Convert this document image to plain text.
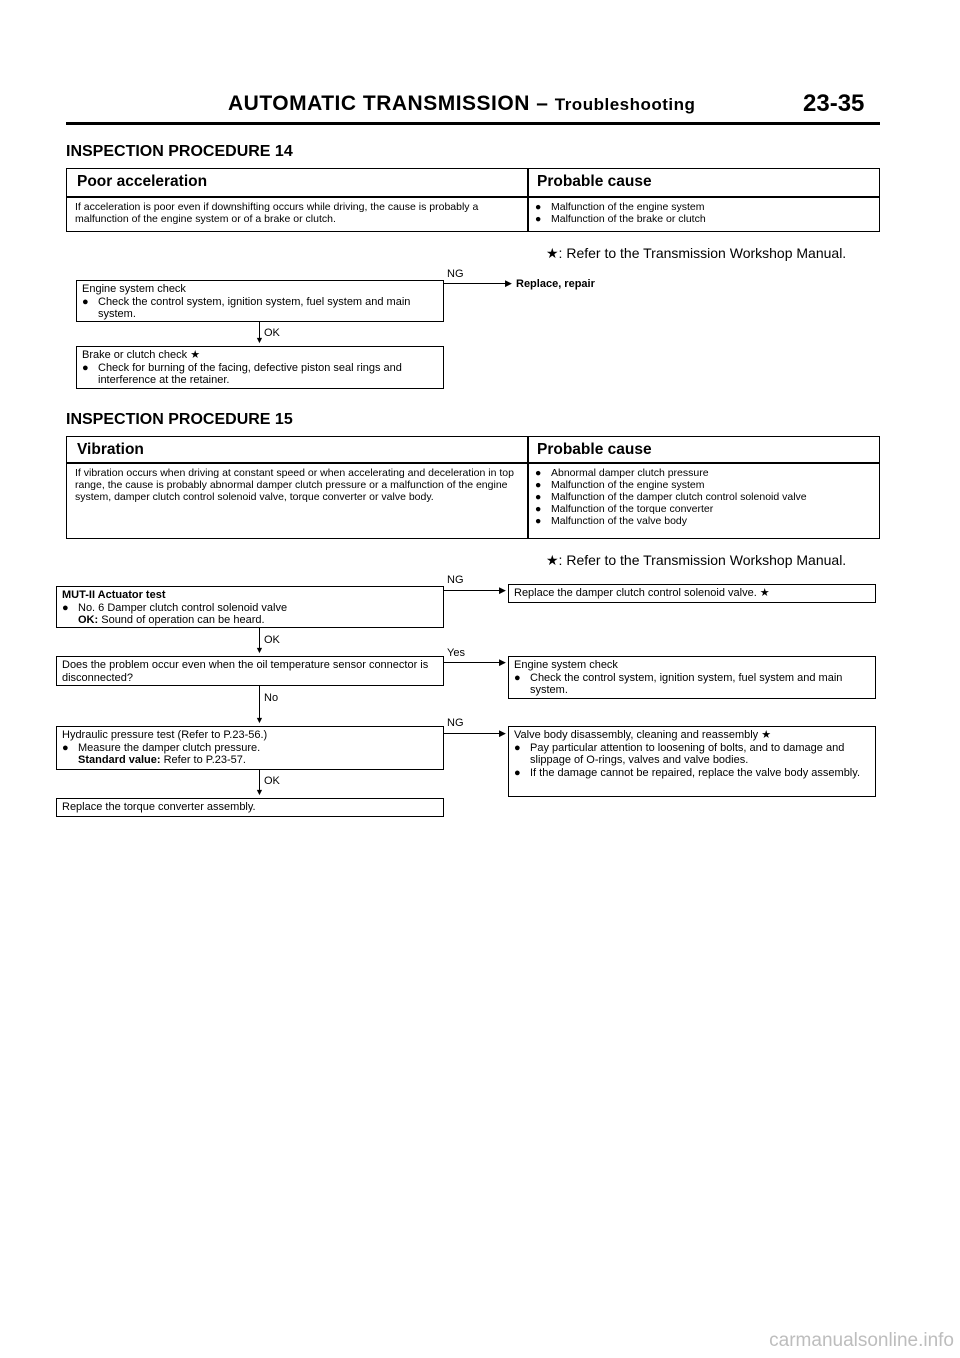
AUTOMATIC TRANSMISSION – Troubleshooting	23-35
INSPECTION PROCEDURE 14
Poor acceleration	Probable cause
If acceleration is poor even if downshifting occurs while driving, the cause is probably a malfunction of the engine system or of a brake or clutch.

● Malfunction of the engine system

● Malfunction of the brake or clutch

★: Refer to the Transmission Workshop Manual.

Engine system check

● Check the control system, ignition system, fuel system and main system.

NG
▶ Replace, repair
▼
OK

Brake or clutch check ★

● Check for burning of the facing, defective piston seal rings and interference at the retainer.

INSPECTION PROCEDURE 15
Vibration	Probable cause
If vibration occurs when driving at constant speed or when accelerating and deceleration in top range, the cause is probably abnormal damper clutch pressure or a malfunction of the engine system, damper clutch control solenoid valve, torque converter or valve body.

● Abnormal damper clutch pressure

● Malfunction of the engine system

● Malfunction of the damper clutch control solenoid valve

● Malfunction of the torque converter

● Malfunction of the valve body

★: Refer to the Transmission Workshop Manual.

MUT-II Actuator test

● No. 6 Damper clutch control solenoid valve

OK: Sound of operation can be heard.

NG
▶ Replace the damper clutch control solenoid valve. ★
▼
OK
Does the problem occur even when the oil temperature sensor connector is disconnected?
Yes
▶ Engine system check

● Check the control system, ignition system, fuel system and main system.

▼
No

Hydraulic pressure test (Refer to P.23-56.)

● Measure the damper clutch pressure.

Standard value: Refer to P.23-57.

NG
▶ Valve body disassembly, cleaning and reassembly ★

● Pay particular attention to loosening of bolts, and to damage and slippage of O-rings, valves and valve bodies.

● If the damage cannot be repaired, replace the valve body assembly.

▼
OK
Replace the torque converter assembly.
carmanualsonline.info
